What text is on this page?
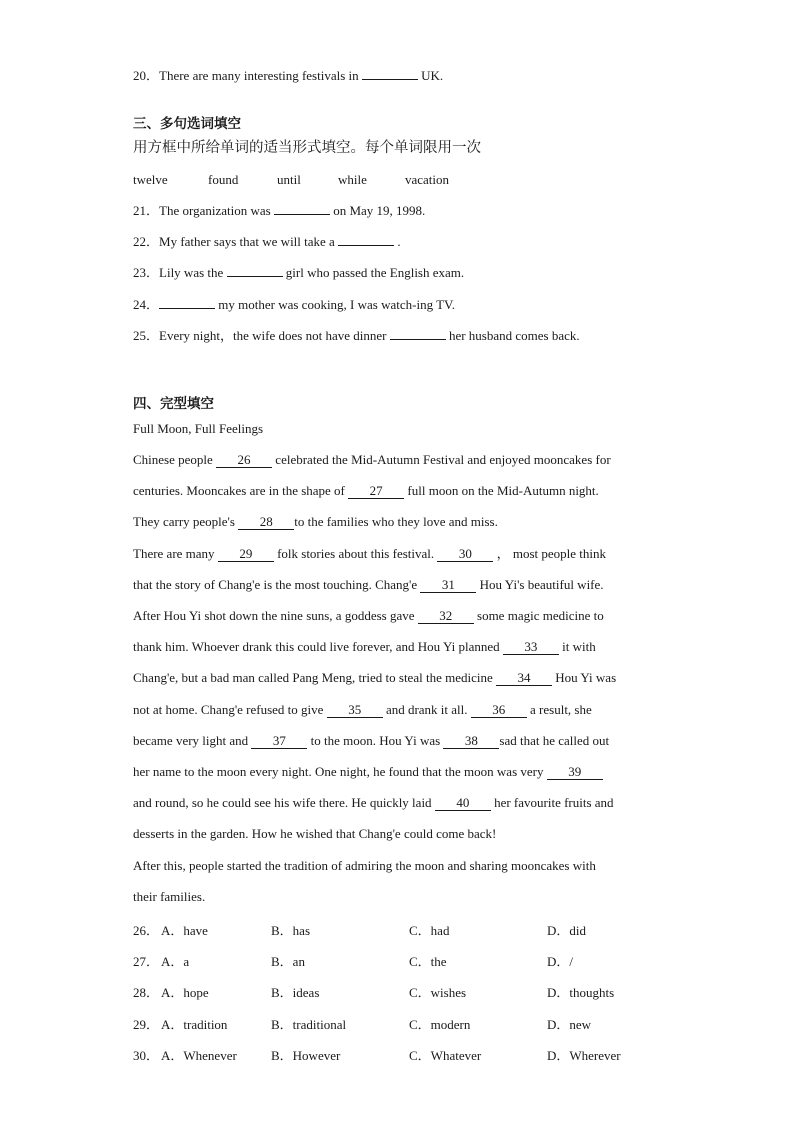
20．There are many interesting festivals in	UK.
三、多句选词填空
用方框中所给单词的适当形式填空。每个单词限用一次
twelve	found	until	while	vacation
21．The organization was	on May 19, 1998.
22．My father says that we will take a	.
23．Lily was the	girl who passed the English exam.
24．	my mother was cooking, I was watch-ing TV.
25．Every night，the wife does not have dinner	her husband comes back.
四、完型填空
Full Moon, Full Feelings
Chinese people 26 celebrated the Mid-Autumn Festival and enjoyed mooncakes for
centuries. Mooncakes are in the shape of 27 full moon on the Mid-Autumn night.
They carry people's 28 to the families who they love and miss.
There are many 29 folk stories about this festival. 30 ， most people think
that the story of Chang'e is the most touching. Chang'e 31 Hou Yi's beautiful wife.
After Hou Yi shot down the nine suns, a goddess gave 32 some magic medicine to
thank him. Whoever drank this could live forever, and Hou Yi planned 33 it with
Chang'e, but a bad man called Pang Meng, tried to steal the medicine 34 Hou Yi was
not at home. Chang'e refused to give 35 and drank it all. 36 a result, she
became very light and 37 to the moon. Hou Yi was 38 sad that he called out
her name to the moon every night. One night, he found that the moon was very 39
and round, so he could see his wife there. He quickly laid 40 her favourite fruits and
desserts in the garden. How he wished that Chang'e could come back!
After this, people started the tradition of admiring the moon and sharing mooncakes with
their families.
26． A．have	B．has	C．had	D．did
27． A．a	B．an	C．the	D．/
28． A．hope	B．ideas	C．wishes	D．thoughts
29． A．tradition	B．traditional	C．modern	D．new
30． A．Whenever	B．However	C．Whatever	D．Wherever
